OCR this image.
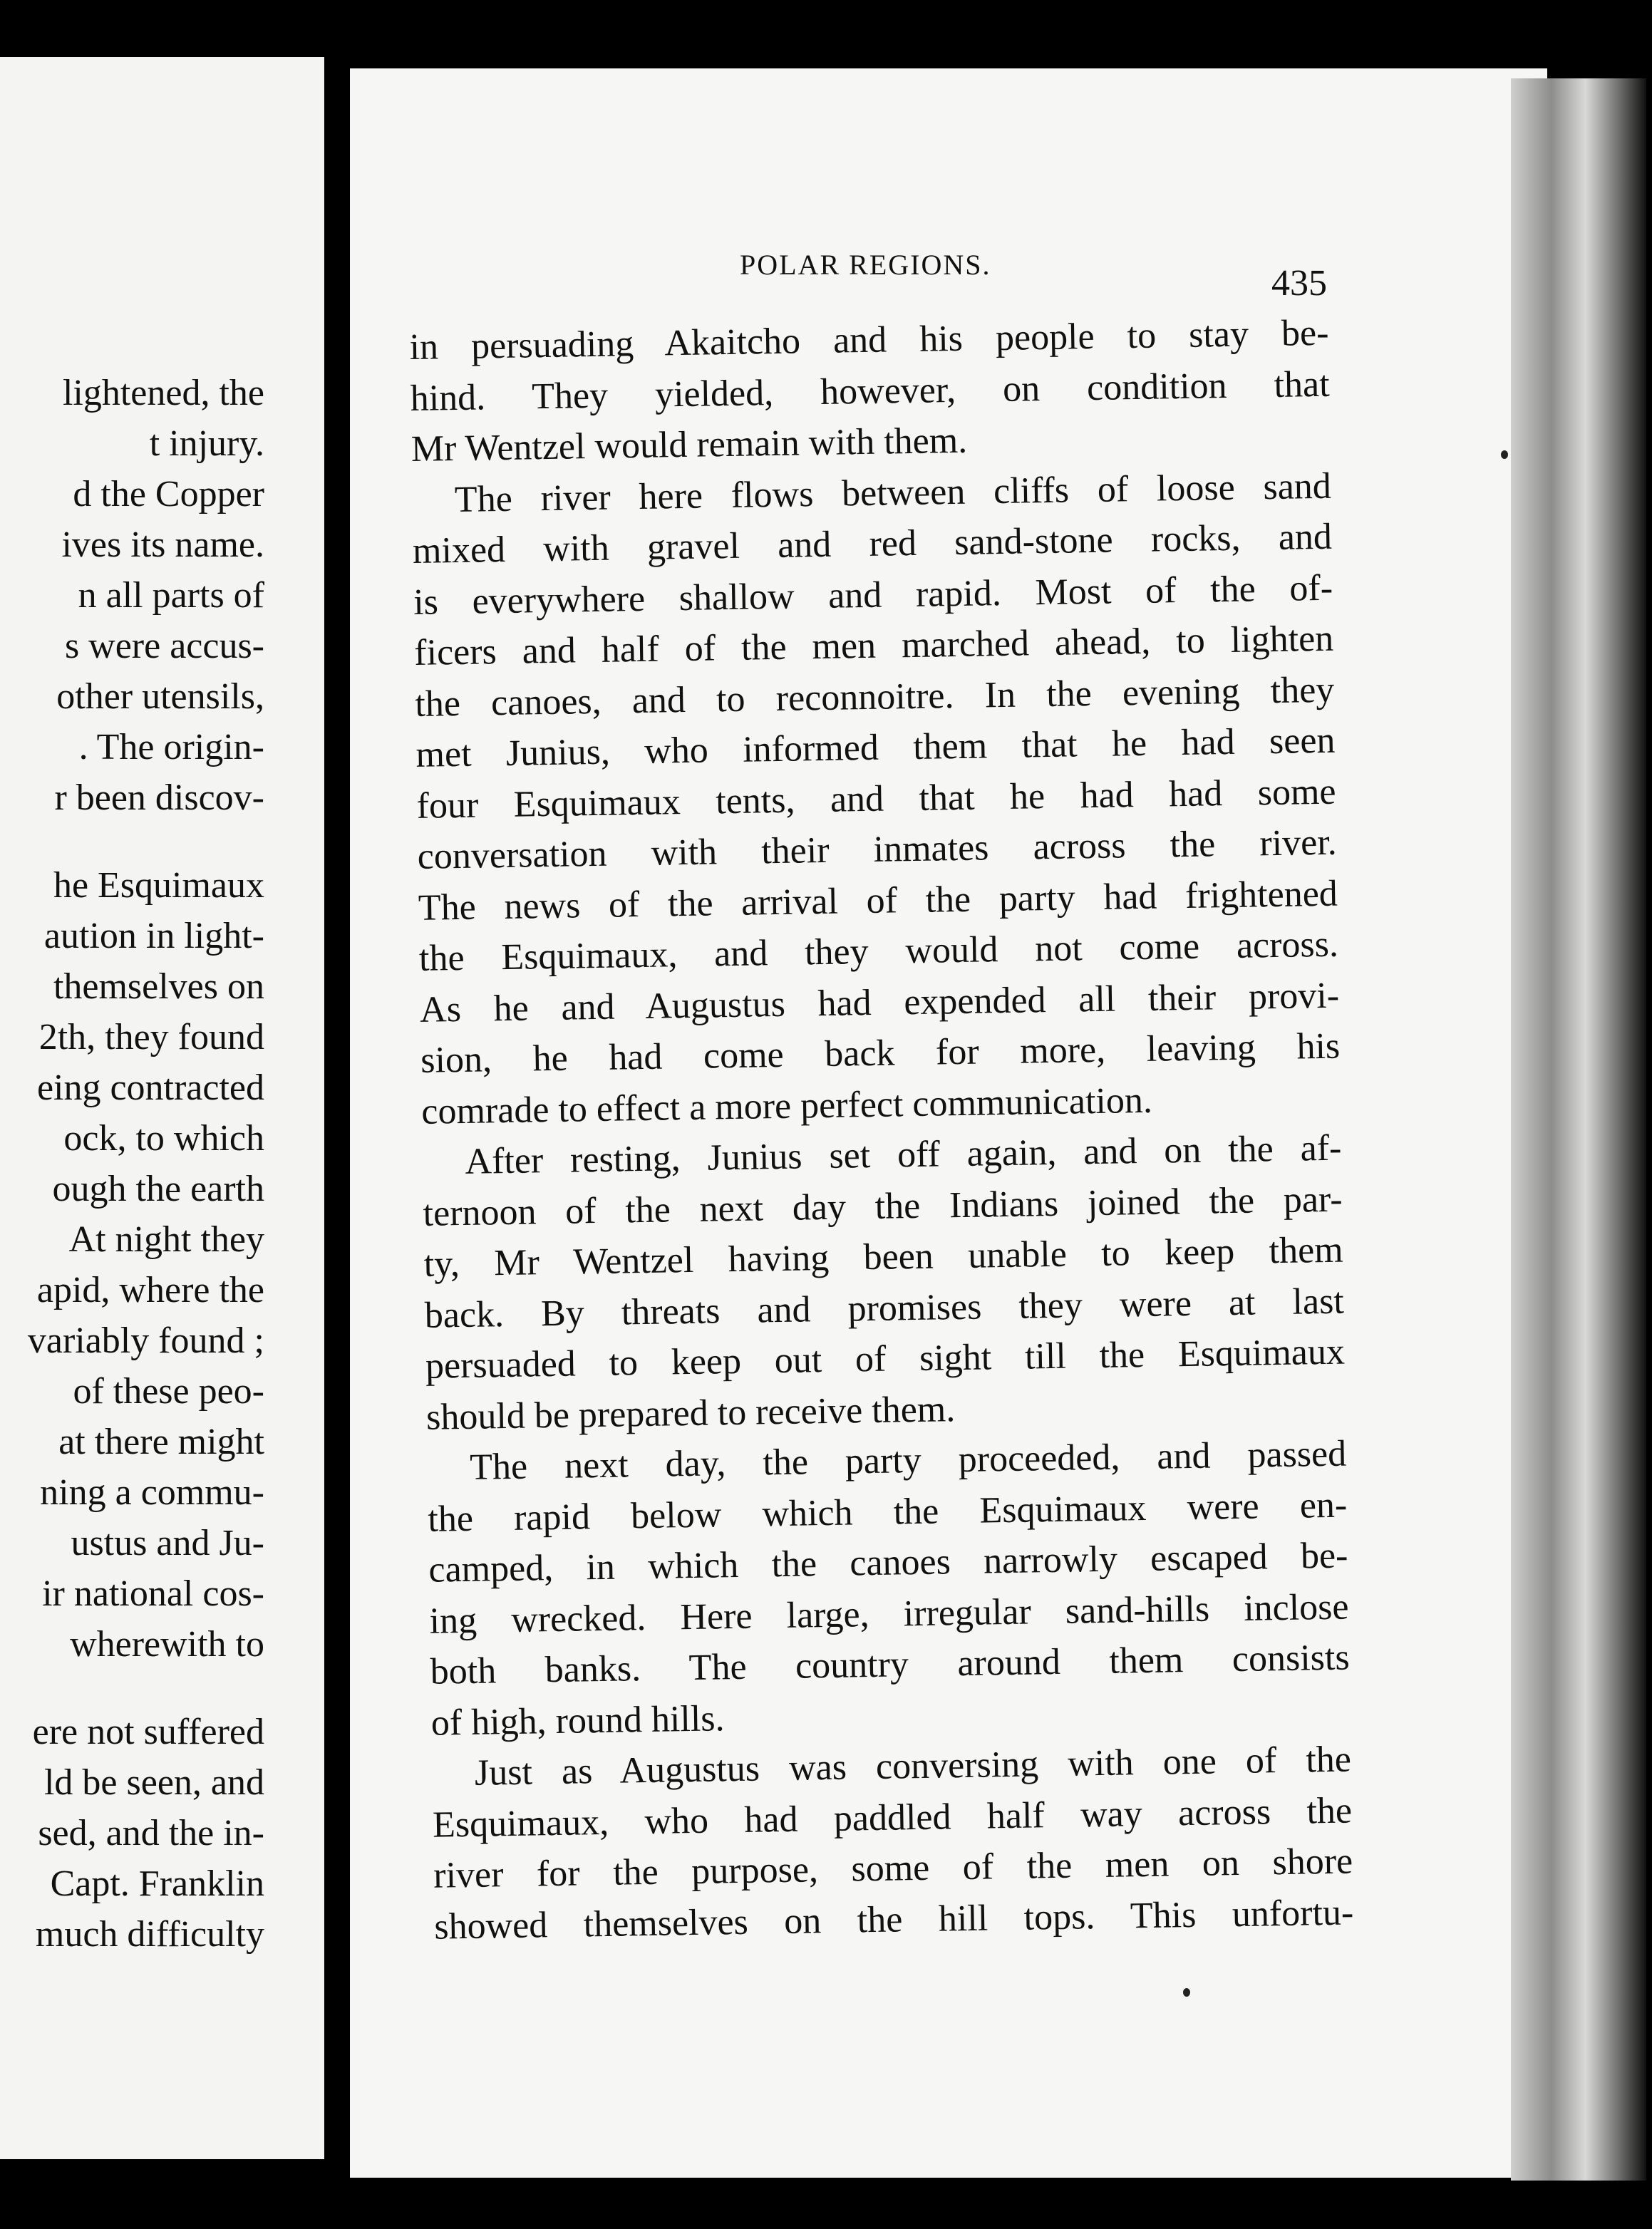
lightened, the
t injury.
d the Copper
ives its name.
n all parts of
s were accus-
other utensils,
. The origin-
r been discov-
he Esquimaux
aution in light-
themselves on
2th, they found
eing contracted
ock, to which
ough the earth
At night they
apid, where the
variably found ;
of these peo-
at there might
ning a commu-
ustus and Ju-
ir national cos-
wherewith to
ere not suffered
ld be seen, and
sed, and the in-
Capt. Franklin
much difficulty
POLAR REGIONS.	435
in persuading Akaitcho and his people to stay be-
hind. They yielded, however, on condition that
Mr Wentzel would remain with them.
The river here flows between cliffs of loose sand
mixed with gravel and red sand-stone rocks, and
is everywhere shallow and rapid. Most of the of-
ficers and half of the men marched ahead, to lighten
the canoes, and to reconnoitre. In the evening they
met Junius, who informed them that he had seen
four Esquimaux tents, and that he had had some
conversation with their inmates across the river.
The news of the arrival of the party had frightened
the Esquimaux, and they would not come across.
As he and Augustus had expended all their provi-
sion, he had come back for more, leaving his
comrade to effect a more perfect communication.
After resting, Junius set off again, and on the af-
ternoon of the next day the Indians joined the par-
ty, Mr Wentzel having been unable to keep them
back. By threats and promises they were at last
persuaded to keep out of sight till the Esquimaux
should be prepared to receive them.
The next day, the party proceeded, and passed
the rapid below which the Esquimaux were en-
camped, in which the canoes narrowly escaped be-
ing wrecked. Here large, irregular sand-hills inclose
both banks. The country around them consists
of high, round hills.
Just as Augustus was conversing with one of the
Esquimaux, who had paddled half way across the
river for the purpose, some of the men on shore
showed themselves on the hill tops. This unfortu-
